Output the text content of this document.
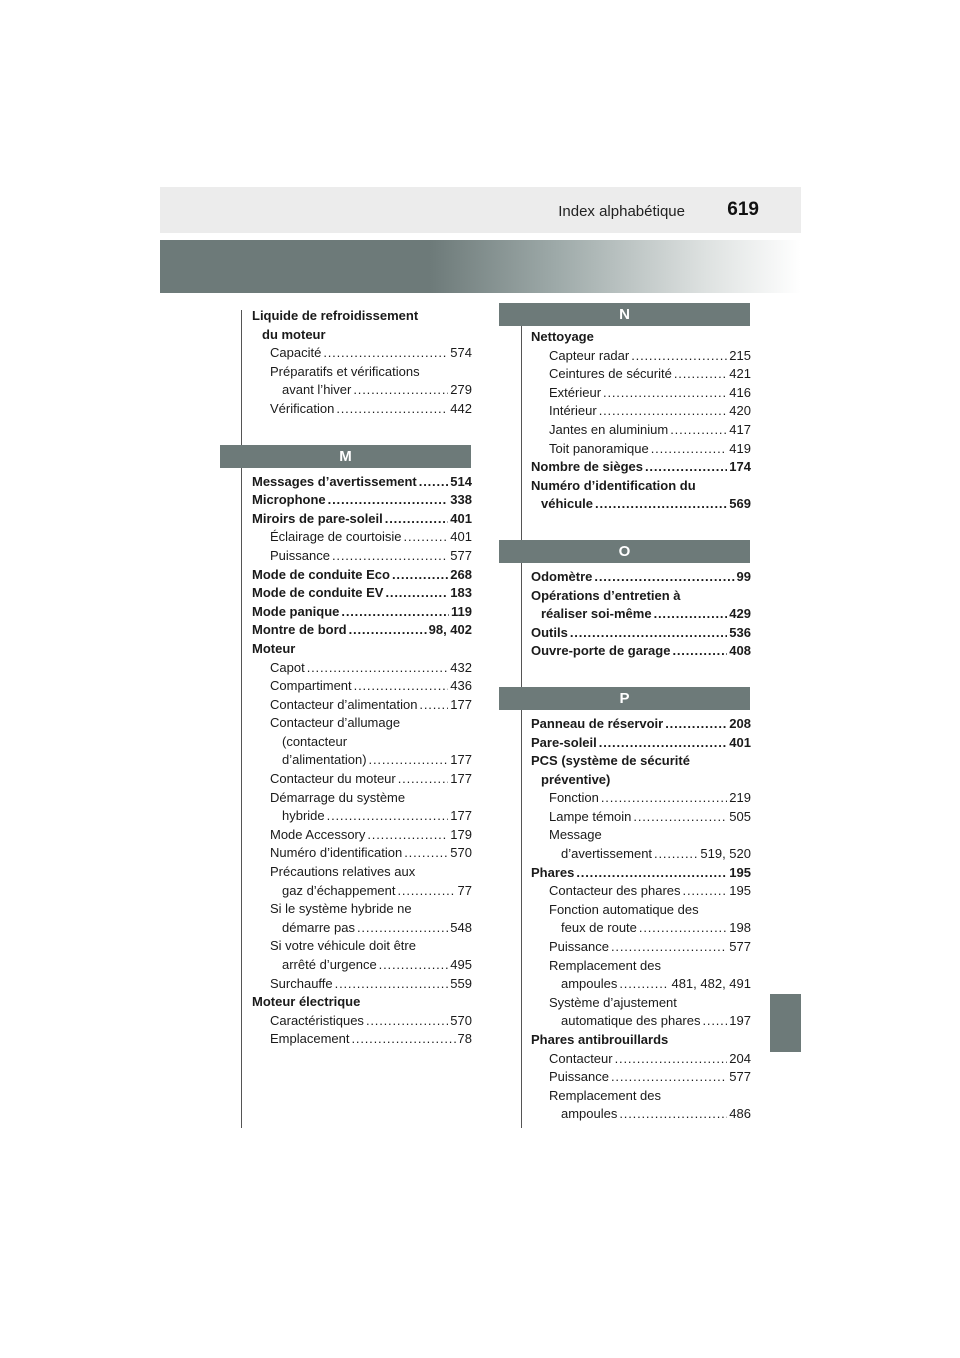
Index alphabétique 619
Liquide de refroidissement
du moteur
Capacité . . .	574
Préparatifs et vérifications
avant l’hiver . . .	279
Vérification . . .	442
M
Messages d’avertissement . . .	514
Microphone . . .	338
Miroirs de pare-soleil . . .	401
Éclairage de courtoisie . . .	401
Puissance . . .	577
Mode de conduite Eco . . .	268
Mode de conduite EV . . .	183
Mode panique . . .	119
Montre de bord . . .	98, 402
Moteur
Capot . . .	432
Compartiment . . .	436
Contacteur d’alimentation . . .	177
Contacteur d’allumage
(contacteur
d’alimentation) . . .	177
Contacteur du moteur . . .	177
Démarrage du système
hybride . . .	177
Mode Accessory . . .	179
Numéro d’identification . . .	570
Précautions relatives aux
gaz d’échappement . . .	77
Si le système hybride ne
démarre pas . . .	548
Si votre véhicule doit être
arrêté d’urgence . . .	495
Surchauffe . . .	559
Moteur électrique
Caractéristiques . . .	570
Emplacement . . .	78
Nettoyage
Capteur radar . . .	215
Ceintures de sécurité . . .	421
Extérieur . . .	416
Intérieur . . .	420
Jantes en aluminium . . .	417
Toit panoramique . . .	419
Nombre de sièges . . .	174
Numéro d’identification du
véhicule . . .	569
O
Odomètre . . .	99
Opérations d’entretien à
réaliser soi-même . . .	429
Outils . . .	536
Ouvre-porte de garage . . .	408
P
Panneau de réservoir . . .	208
Pare-soleil . . .	401
PCS (système de sécurité
préventive)
Fonction . . .	219
Lampe témoin . . .	505
Message
d’avertissement . . .	519, 520
Phares . . .	195
Contacteur des phares . . .	195
Fonction automatique des
feux de route . . .	198
Puissance . . .	577
Remplacement des
ampoules . . .	481, 482, 491
Système d’ajustement
automatique des phares . . . 197
Phares antibrouillards
Contacteur . . .	204
Puissance . . .	577
Remplacement des
ampoules . . .	486
N
